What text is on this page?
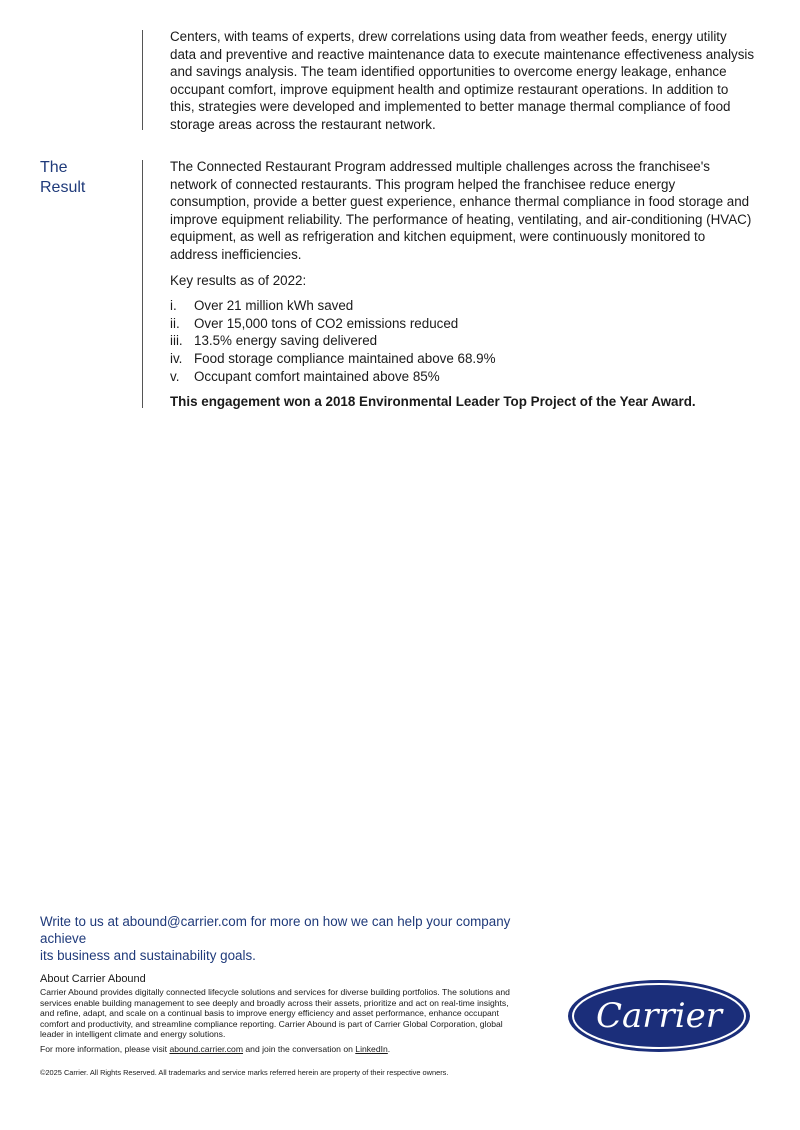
Centers, with teams of experts, drew correlations using data from weather feeds, energy utility data and preventive and reactive maintenance data to execute maintenance effectiveness analysis and savings analysis. The team identified opportunities to overcome energy leakage, enhance occupant comfort, improve equipment health and optimize restaurant operations. In addition to this, strategies were developed and implemented to better manage thermal compliance of food storage areas across the restaurant network.

The
Result

The Connected Restaurant Program addressed multiple challenges across the franchisee's network of connected restaurants. This program helped the franchisee reduce energy consumption, provide a better guest experience, enhance thermal compliance in food storage and improve equipment reliability. The performance of heating, ventilating, and air-conditioning (HVAC) equipment, as well as refrigeration and kitchen equipment, were continuously monitored to address inefficiencies.

Key results as of 2022:

i.	Over 21 million kWh saved
ii.	Over 15,000 tons of CO2 emissions reduced
iii. 13.5% energy saving delivered
iv. Food storage compliance maintained above 68.9%
v.	Occupant comfort maintained above 85%

This engagement won a 2018 Environmental Leader Top Project of the Year Award.

Write to us at abound@carrier.com for more on how we can help your company achieve
its business and sustainability goals.
About Carrier Abound

Carrier Abound provides digitally connected lifecycle solutions and services for diverse building portfolios. The solutions and services enable building management to see deeply and broadly across their assets, prioritize and act on real-time insights, and refine, adapt, and scale on a continual basis to improve energy efficiency and asset performance, enhance occupant comfort and productivity, and streamline compliance reporting. Carrier Abound is part of Carrier Global Corporation, global leader in intelligent climate and energy solutions.

For more information, please visit abound.carrier.com and join the conversation on LinkedIn.

©2025 Carrier. All Rights Reserved. All trademarks and service marks referred herein are property of their respective owners.
Carrier
